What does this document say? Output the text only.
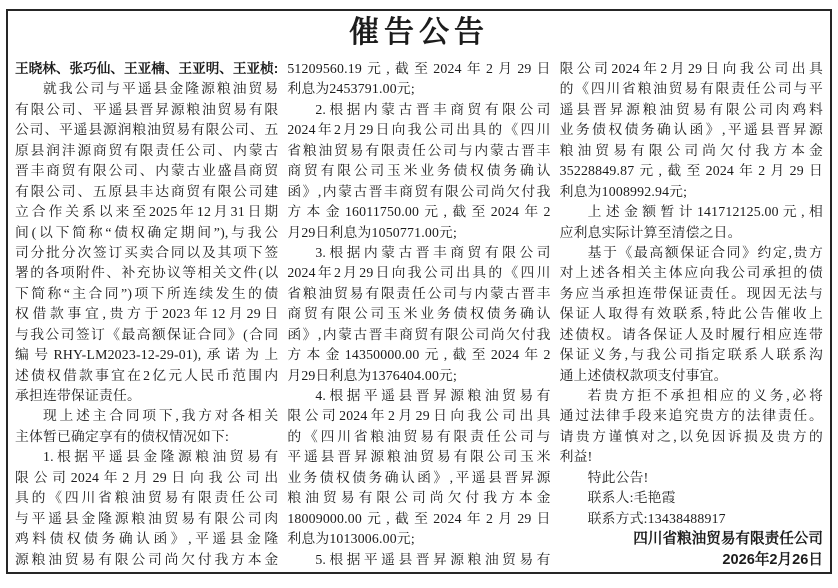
催告公告
王晓林、张巧仙、王亚楠、王亚明、王亚桢:
就我公司与平遥县金隆源粮油贸易
有限公司、平遥县晋昇源粮油贸易有限
公司、平遥县源润粮油贸易有限公司、五
原县润沣源商贸有限责任公司、内蒙古
晋丰商贸有限公司、内蒙古业盛昌商贸
有限公司、五原县丰达商贸有限公司建
立合作关系以来至2025年12月31日期
间(以下简称“债权确定期间”),与我公
司分批分次签订买卖合同以及其项下签
署的各项附件、补充协议等相关文件(以
下简称“主合同”)项下所连续发生的债
权借款事宜,贵方于2023年12月29日
与我公司签订《最高额保证合同》(合同
编号RHY-LM2023-12-29-01),承诺为上
述债权借款事宜在2亿元人民币范围内
承担连带保证责任。
现上述主合同项下,我方对各相关
主体暂已确定享有的债权情况如下:
1.根据平遥县金隆源粮油贸易有
限公司2024年2月29日向我公司出
具的《四川省粮油贸易有限责任公司
与平遥县金隆源粮油贸易有限公司肉
鸡料债权债务确认函》,平遥县金隆
源粮油贸易有限公司尚欠付我方本金
51209560.19元,截至2024年2月29日
利息为2453791.00元;
2.根据内蒙古晋丰商贸有限公司
2024年2月29日向我公司出具的《四川
省粮油贸易有限责任公司与内蒙古晋丰
商贸有限公司玉米业务债权债务确认
函》,内蒙古晋丰商贸有限公司尚欠付我
方本金16011750.00元,截至2024年2
月29日利息为1050771.00元;
3.根据内蒙古晋丰商贸有限公司
2024年2月29日向我公司出具的《四川
省粮油贸易有限责任公司与内蒙古晋丰
商贸有限公司玉米业务债权债务确认
函》,内蒙古晋丰商贸有限公司尚欠付我
方本金14350000.00元,截至2024年2
月29日利息为1376404.00元;
4.根据平遥县晋昇源粮油贸易有
限公司2024年2月29日向我公司出具
的《四川省粮油贸易有限责任公司与
平遥县晋昇源粮油贸易有限公司玉米
业务债权债务确认函》,平遥县晋昇源
粮油贸易有限公司尚欠付我方本金
18009000.00元,截至2024年2月29日
利息为1013006.00元;
5.根据平遥县晋昇源粮油贸易有
限公司2024年2月29日向我公司出具
的《四川省粮油贸易有限责任公司与平
遥县晋昇源粮油贸易有限公司肉鸡料
业务债权债务确认函》,平遥县晋昇源
粮油贸易有限公司尚欠付我方本金
35228849.87元,截至2024年2月29日
利息为1008992.94元;
上述金额暂计141712125.00元,相
应利息实际计算至清偿之日。
基于《最高额保证合同》约定,贵方
对上述各相关主体应向我公司承担的债
务应当承担连带保证责任。现因无法与
保证人取得有效联系,特此公告催收上
述债权。请各保证人及时履行相应连带
保证义务,与我公司指定联系人联系沟
通上述债权款项支付事宜。
若贵方拒不承担相应的义务,必将
通过法律手段来追究贵方的法律责任。
请贵方谨慎对之,以免因诉损及贵方的
利益!
特此公告!
联系人:毛艳霞
联系方式:13438488917
四川省粮油贸易有限责任公司
2026年2月26日
